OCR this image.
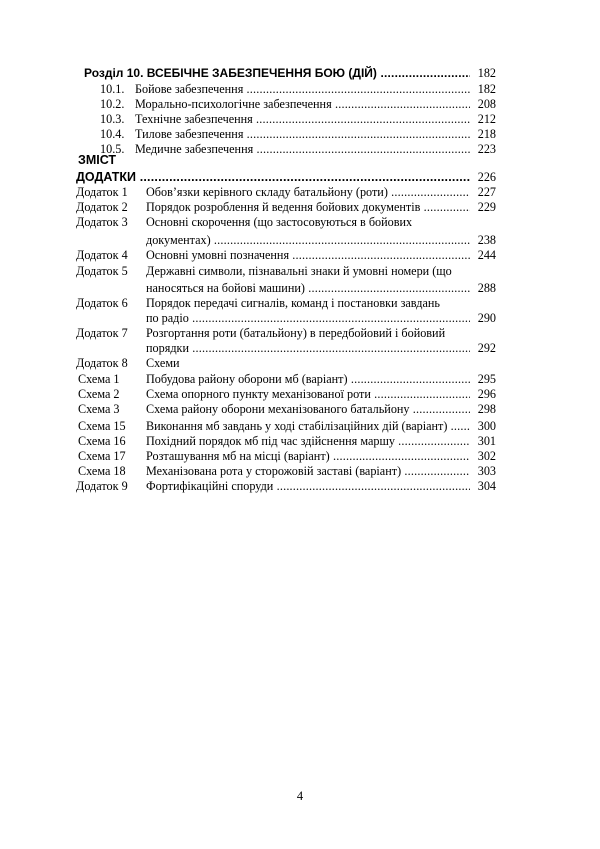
Розділ 10. ВСЕБІЧНЕ ЗАБЕЗПЕЧЕННЯ БОЮ (ДІЙ) .....	182
10.1. Бойове забезпечення .....	182
10.2. Морально-психологічне забезпечення .....	208
10.3. Технічне забезпечення .....	212
10.4. Тилове забезпечення .....	218
10.5. Медичне забезпечення .....	223
ЗМІСТ
ДОДАТКИ .....	226
Додаток 1 Обов’язки керівного складу батальйону (роти) .....	227
Додаток 2 Порядок розроблення й ведення бойових документів .....	229
Додаток 3 Основні скорочення (що застосовуються в бойових
документах) .....	238
Додаток 4 Основні умовні позначення .....	244
Додаток 5 Державні символи, пізнавальні знаки й умовні номери (що
наносяться на бойові машини) .....	288
Додаток 6 Порядок передачі сигналів, команд і постановки завдань
по радіо .....	290
Додаток 7 Розгортання роти (батальйону) в передбойовий і бойовий
порядки .....	292
Додаток 8 Схеми
Схема 1 Побудова району оборони мб (варіант) .....	295
Схема 2 Схема опорного пункту механізованої роти .....	296
Схема 3 Схема району оборони механізованого батальйону .....	298
Схема 15 Виконання мб завдань у ході стабілізаційних дій (варіант) .....	300
Схема 16 Похідний порядок мб під час здійснення маршу .....	301
Схема 17 Розташування мб на місці (варіант) .....	302
Схема 18 Механізована рота у сторожовій заставі (варіант) .....	303
Додаток 9 Фортифікаційні споруди .....	304
4
